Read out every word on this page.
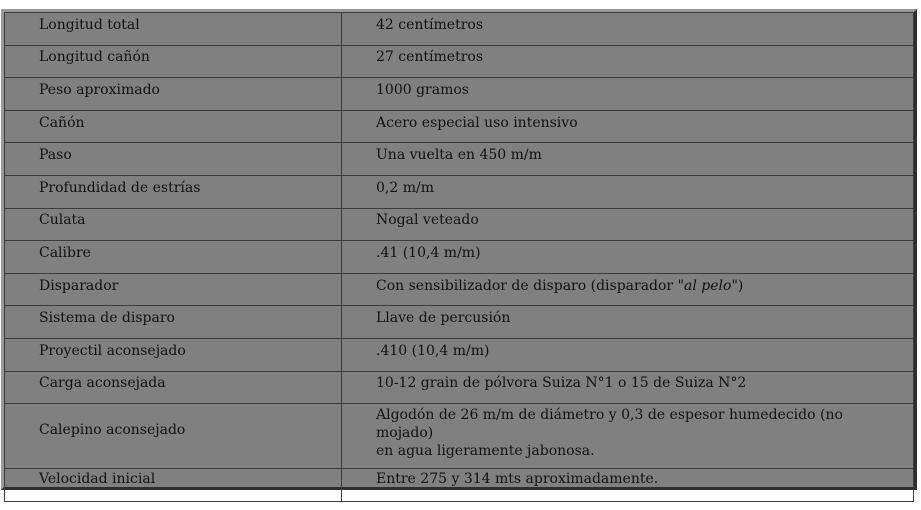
Longitud total	42 centímetros
Longitud cañón	27 centímetros
Peso aproximado	1000 gramos
Cañón	Acero especial uso intensivo
Paso	Una vuelta en 450 m/m
Profundidad de estrías	0,2 m/m
Culata	Nogal veteado
Calibre	.41 (10,4 m/m)
Disparador	Con sensibilizador de disparo (disparador "al pelo")
Sistema de disparo	Llave de percusión
Proyectil aconsejado	.410 (10,4 m/m)
Carga aconsejada	10-12 grain de pólvora Suiza N°1 o 15 de Suiza N°2
Calepino aconsejado	Algodón de 26 m/m de diámetro y 0,3 de espesor humedecido (no mojado)
en agua ligeramente jabonosa.

Velocidad inicial	Entre 275 y 314 mts aproximadamente.
